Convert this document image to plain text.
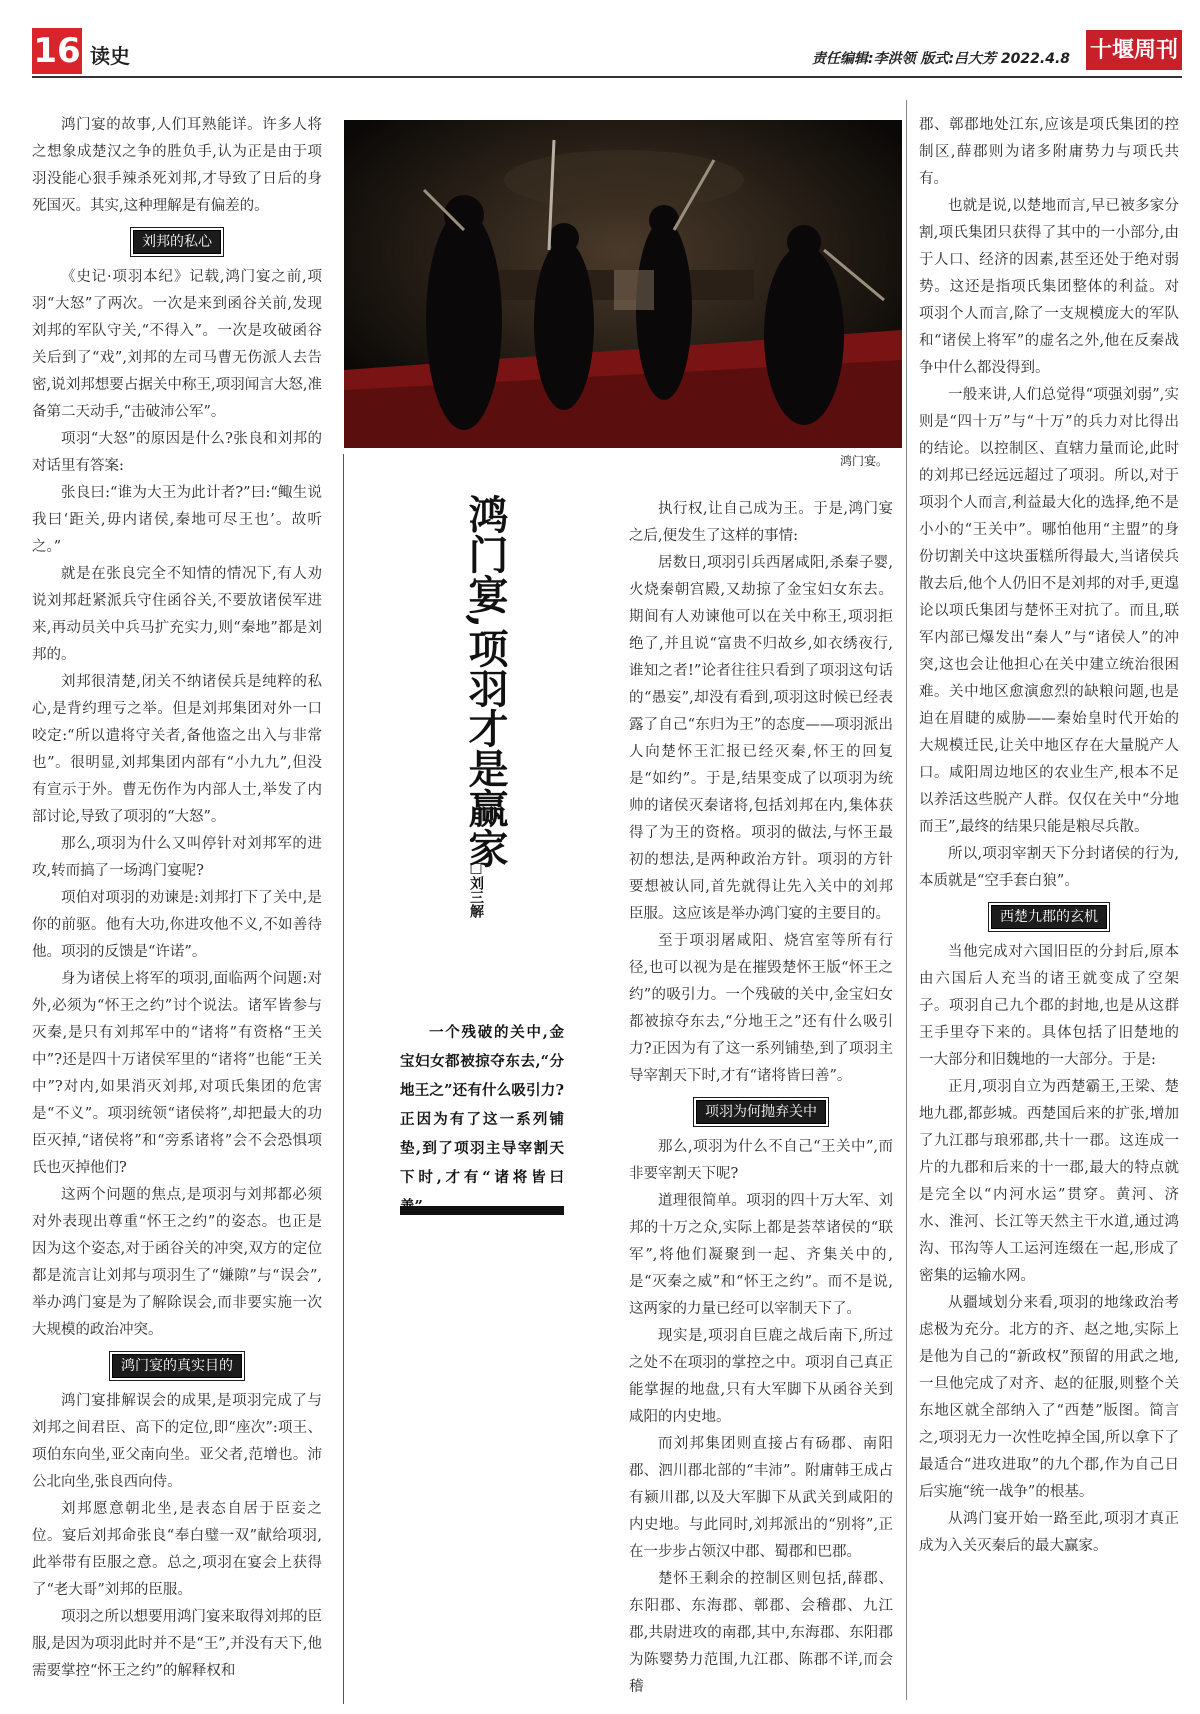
16 读史	责任编辑:李洪领 版式:吕大芳 2022.4.8 十堰周刊

鸿门宴的故事,人们耳熟能详。许多人将之想象成楚汉之争的胜负手,认为正是由于项羽没能心狠手辣杀死刘邦,才导致了日后的身死国灭。其实,这种理解是有偏差的。

刘邦的私心

《史记·项羽本纪》记载,鸿门宴之前,项羽“大怒”了两次。一次是来到函谷关前,发现刘邦的军队守关,“不得入”。一次是攻破函谷关后到了“戏”,刘邦的左司马曹无伤派人去告密,说刘邦想要占据关中称王,项羽闻言大怒,准备第二天动手,“击破沛公军”。

项羽“大怒”的原因是什么?张良和刘邦的对话里有答案:

张良曰:“谁为大王为此计者?”曰:“鲰生说我曰‘距关,毋内诸侯,秦地可尽王也’。故听之。”

就是在张良完全不知情的情况下,有人劝说刘邦赶紧派兵守住函谷关,不要放诸侯军进来,再动员关中兵马扩充实力,则“秦地”都是刘邦的。

刘邦很清楚,闭关不纳诸侯兵是纯粹的私心,是背约理亏之举。但是刘邦集团对外一口咬定:“所以遣将守关者,备他盗之出入与非常也”。很明显,刘邦集团内部有“小九九”,但没有宣示于外。曹无伤作为内部人士,举发了内部讨论,导致了项羽的“大怒”。

那么,项羽为什么又叫停针对刘邦军的进攻,转而搞了一场鸿门宴呢?

项伯对项羽的劝谏是:刘邦打下了关中,是你的前驱。他有大功,你进攻他不义,不如善待他。项羽的反馈是“许诺”。

身为诸侯上将军的项羽,面临两个问题:对外,必须为“怀王之约”讨个说法。诸军皆参与灭秦,是只有刘邦军中的“诸将”有资格“王关中”?还是四十万诸侯军里的“诸将”也能“王关中”?对内,如果消灭刘邦,对项氏集团的危害是“不义”。项羽统领“诸侯将”,却把最大的功臣灭掉,“诸侯将”和“旁系诸将”会不会恐惧项氏也灭掉他们?

这两个问题的焦点,是项羽与刘邦都必须对外表现出尊重“怀王之约”的姿态。也正是因为这个姿态,对于函谷关的冲突,双方的定位都是流言让刘邦与项羽生了“嫌隙”与“误会”,举办鸿门宴是为了解除误会,而非要实施一次大规模的政治冲突。

鸿门宴的真实目的

鸿门宴排解误会的成果,是项羽完成了与刘邦之间君臣、高下的定位,即“座次”:项王、项伯东向坐,亚父南向坐。亚父者,范增也。沛公北向坐,张良西向侍。

刘邦愿意朝北坐,是表态自居于臣妾之位。宴后刘邦命张良“奉白璧一双”献给项羽,此举带有臣服之意。总之,项羽在宴会上获得了“老大哥”刘邦的臣服。

项羽之所以想要用鸿门宴来取得刘邦的臣服,是因为项羽此时并不是“王”,并没有天下,他需要掌控“怀王之约”的解释权和

鸿门宴。
鸿门宴,项羽才是赢家
□刘三解

一个残破的关中,金宝妇女都被掠夺东去,“分地王之”还有什么吸引力?正因为有了这一系列铺垫,到了项羽主导宰割天下时,才有“诸将皆曰

执行权,让自己成为王。于是,鸿门宴之后,便发生了这样的事情:

居数日,项羽引兵西屠咸阳,杀秦子婴,火烧秦朝宫殿,又劫掠了金宝妇女东去。期间有人劝谏他可以在关中称王,项羽拒绝了,并且说“富贵不归故乡,如衣绣夜行,谁知之者!”论者往往只看到了项羽这句话的“愚妄”,却没有看到,项羽这时候已经表露了自己“东归为王”的态度——项羽派出人向楚怀王汇报已经灭秦,怀王的回复是“如约”。于是,结果变成了以项羽为统帅的诸侯灭秦诸将,包括刘邦在内,集体获得了为王的资格。项羽的做法,与怀王最初的想法,是两种政治方针。项羽的方针要想被认同,首先就得让先入关中的刘邦臣服。这应该是举办鸿门宴的主要目的。

至于项羽屠咸阳、烧宫室等所有行径,也可以视为是在摧毁楚怀王版“怀王之约”的吸引力。一个残破的关中,金宝妇女都被掠夺东去,“分地王之”还有什么吸引力?正因为有了这一系列铺垫,到了项羽主导宰割天下时,才有“诸将皆曰善”。

项羽为何抛弃关中

那么,项羽为什么不自己“王关中”,而非要宰割天下呢?

道理很简单。项羽的四十万大军、刘邦的十万之众,实际上都是荟萃诸侯的“联军”,将他们凝聚到一起、齐集关中的,是“灭秦之威”和“怀王之约”。而不是说,这两家的力量已经可以宰制天下了。

现实是,项羽自巨鹿之战后南下,所过之处不在项羽的掌控之中。项羽自己真正能掌握的地盘,只有大军脚下从函谷关到咸阳的内史地。

而刘邦集团则直接占有砀郡、南阳郡、泗川郡北部的“丰沛”。附庸韩王成占有颍川郡,以及大军脚下从武关到咸阳的内史地。与此同时,刘邦派出的“别将”,正在一步步占领汉中郡、蜀郡和巴郡。

楚怀王剩余的控制区则包括,薛郡、东阳郡、东海郡、鄣郡、会稽郡、九江郡,共尉进攻的南郡,其中,东海郡、东阳郡为陈婴势力范围,九江郡、陈郡不详,而会稽

郡、鄣郡地处江东,应该是项氏集团的控制区,薛郡则为诸多附庸势力与项氏共有。

也就是说,以楚地而言,早已被多家分割,项氏集团只获得了其中的一小部分,由于人口、经济的因素,甚至还处于绝对弱势。这还是指项氏集团整体的利益。对项羽个人而言,除了一支规模庞大的军队和“诸侯上将军”的虚名之外,他在反秦战争中什么都没得到。

一般来讲,人们总觉得“项强刘弱”,实则是“四十万”与“十万”的兵力对比得出的结论。以控制区、直辖力量而论,此时的刘邦已经远远超过了项羽。所以,对于项羽个人而言,利益最大化的选择,绝不是小小的“王关中”。哪怕他用“主盟”的身份切割关中这块蛋糕所得最大,当诸侯兵散去后,他个人仍旧不是刘邦的对手,更遑论以项氏集团与楚怀王对抗了。而且,联军内部已爆发出“秦人”与“诸侯人”的冲突,这也会让他担心在关中建立统治很困难。关中地区愈演愈烈的缺粮问题,也是迫在眉睫的威胁——秦始皇时代开始的大规模迁民,让关中地区存在大量脱产人口。咸阳周边地区的农业生产,根本不足以养活这些脱产人群。仅仅在关中“分地而王”,最终的结果只能是粮尽兵散。

所以,项羽宰割天下分封诸侯的行为,本质就是“空手套白狼”。

西楚九郡的玄机

当他完成对六国旧臣的分封后,原本由六国后人充当的诸王就变成了空架子。项羽自己九个郡的封地,也是从这群王手里夺下来的。具体包括了旧楚地的一大部分和旧魏地的一大部分。于是:

正月,项羽自立为西楚霸王,王梁、楚地九郡,都彭城。西楚国后来的扩张,增加了九江郡与琅邪郡,共十一郡。这连成一片的九郡和后来的十一郡,最大的特点就是完全以“内河水运”贯穿。黄河、济水、淮河、长江等天然主干水道,通过鸿沟、邗沟等人工运河连缀在一起,形成了密集的运输水网。

从疆域划分来看,项羽的地缘政治考虑极为充分。北方的齐、赵之地,实际上是他为自己的“新政权”预留的用武之地,一旦他完成了对齐、赵的征服,则整个关东地区就全部纳入了“西楚”版图。简言之,项羽无力一次性吃掉全国,所以拿下了最适合“进攻进取”的九个郡,作为自己日后实施“统一战争”的根基。

从鸿门宴开始一路至此,项羽才真正成为入关灭秦后的最大赢家。
